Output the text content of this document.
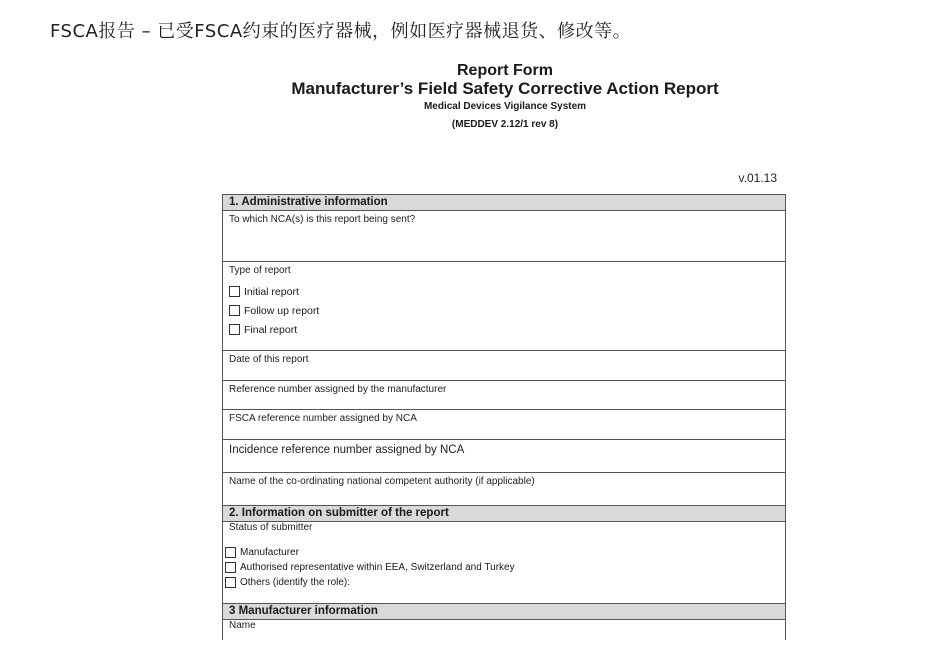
FSCA报告 – 已受FSCA约束的医疗器械，例如医疗器械退货、修改等。
Report Form
Manufacturer’s Field Safety Corrective Action Report
Medical Devices Vigilance System
(MEDDEV 2.12/1 rev 8)
v.01.13
1. Administrative information
To which NCA(s) is this report being sent?
Type of report
Initial report
Follow up report
Final report
Date of this report
Reference number assigned by the manufacturer
FSCA reference number assigned by NCA
Incidence reference number assigned by NCA
Name of the co-ordinating national competent authority (if applicable)
2. Information on submitter of the report
Status of submitter
Manufacturer
Authorised representative within EEA, Switzerland and Turkey
Others (identify the role):
3 Manufacturer information
Name
